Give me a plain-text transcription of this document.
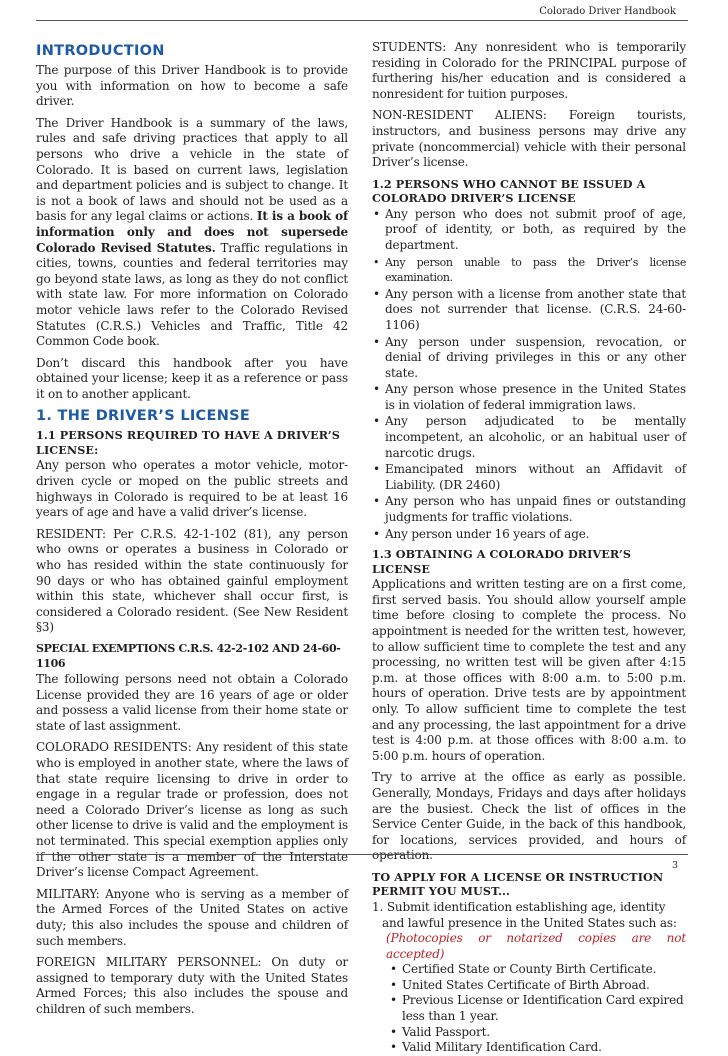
Colorado Driver Handbook
INTRODUCTION

The purpose of this Driver Handbook is to provide you with information on how to become a safe driver.

The Driver Handbook is a summary of the laws, rules and safe driving practices that apply to all persons who drive a vehicle in the state of Colorado. It is based on current laws, legislation and department policies and is subject to change. It is not a book of laws and should not be used as a basis for any legal claims or actions. It is a book of information only and does not supersede Colorado Revised Statutes. Traffic regulations in cities, towns, counties and federal territories may go beyond state laws, as long as they do not conflict with state law. For more information on Colorado motor vehicle laws refer to the Colorado Revised Statutes (C.R.S.) Vehicles and Traffic, Title 42 Common Code book.

Don’t discard this handbook after you have obtained your license; keep it as a reference or pass it on to another applicant.

1. THE DRIVER’S LICENSE
1.1 PERSONS REQUIRED TO HAVE A DRIVER’S LICENSE:

Any person who operates a motor vehicle, motor-driven cycle or moped on the public streets and highways in Colorado is required to be at least 16 years of age and have a valid driver’s license.

RESIDENT: Per C.R.S. 42-1-102 (81), any person who owns or operates a business in Colorado or who has resided within the state continuously for 90 days or who has obtained gainful employment within this state, whichever shall occur first, is considered a Colorado resident. (See New Resident §3)

SPECIAL EXEMPTIONS C.R.S. 42-2-102 AND 24-60-1106

The following persons need not obtain a Colorado License provided they are 16 years of age or older and possess a valid license from their home state or state of last assignment.

COLORADO RESIDENTS: Any resident of this state who is employed in another state, where the laws of that state require licensing to drive in order to engage in a regular trade or profession, does not need a Colorado Driver’s license as long as such other license to drive is valid and the employment is not terminated. This special exemption applies only if the other state is a member of the Interstate Driver’s license Compact Agreement.

MILITARY: Anyone who is serving as a member of the Armed Forces of the United States on active duty; this also includes the spouse and children of such members.

FOREIGN MILITARY PERSONNEL: On duty or assigned to temporary duty with the United States Armed Forces; this also includes the spouse and children of such members.

STUDENTS: Any nonresident who is temporarily residing in Colorado for the PRINCIPAL purpose of furthering his/her education and is considered a nonresident for tuition purposes.

NON-RESIDENT ALIENS: Foreign tourists, instructors, and business persons may drive any private (noncommercial) vehicle with their personal Driver’s license.

1.2 PERSONS WHO CANNOT BE ISSUED A COLORADO DRIVER’S LICENSE
• Any person who does not submit proof of age, proof of identity, or both, as required by the department.
• Any person unable to pass the Driver’s license examination.
• Any person with a license from another state that does not surrender that license. (C.R.S. 24-60-1106)
• Any person under suspension, revocation, or denial of driving privileges in this or any other state.
• Any person whose presence in the United States is in violation of federal immigration laws.
• Any person adjudicated to be mentally incompetent, an alcoholic, or an habitual user of narcotic drugs.
• Emancipated minors without an Affidavit of Liability. (DR 2460)
• Any person who has unpaid fines or outstanding judgments for traffic violations.
• Any person under 16 years of age.
1.3 OBTAINING A COLORADO DRIVER’S LICENSE

Applications and written testing are on a first come, first served basis. You should allow yourself ample time before closing to complete the process. No appointment is needed for the written test, however, to allow sufficient time to complete the test and any processing, no written test will be given after 4:15 p.m. at those offices with 8:00 a.m. to 5:00 p.m. hours of operation. Drive tests are by appointment only. To allow sufficient time to complete the test and any processing, the last appointment for a drive test is 4:00 p.m. at those offices with 8:00 a.m. to 5:00 p.m. hours of operation.

Try to arrive at the office as early as possible. Generally, Mondays, Fridays and days after holidays are the busiest. Check the list of offices in the Service Center Guide, in the back of this handbook, for locations, services provided, and hours of operation.

TO APPLY FOR A LICENSE OR INSTRUCTION PERMIT YOU MUST...

1. Submit identification establishing age, identity and lawful presence in the United States such as:

(Photocopies or notarized copies are not accepted)

• Certified State or County Birth Certificate.
• United States Certificate of Birth Abroad.
• Previous License or Identification Card expired less than 1 year.
• Valid Passport.
• Valid Military Identification Card.
3
